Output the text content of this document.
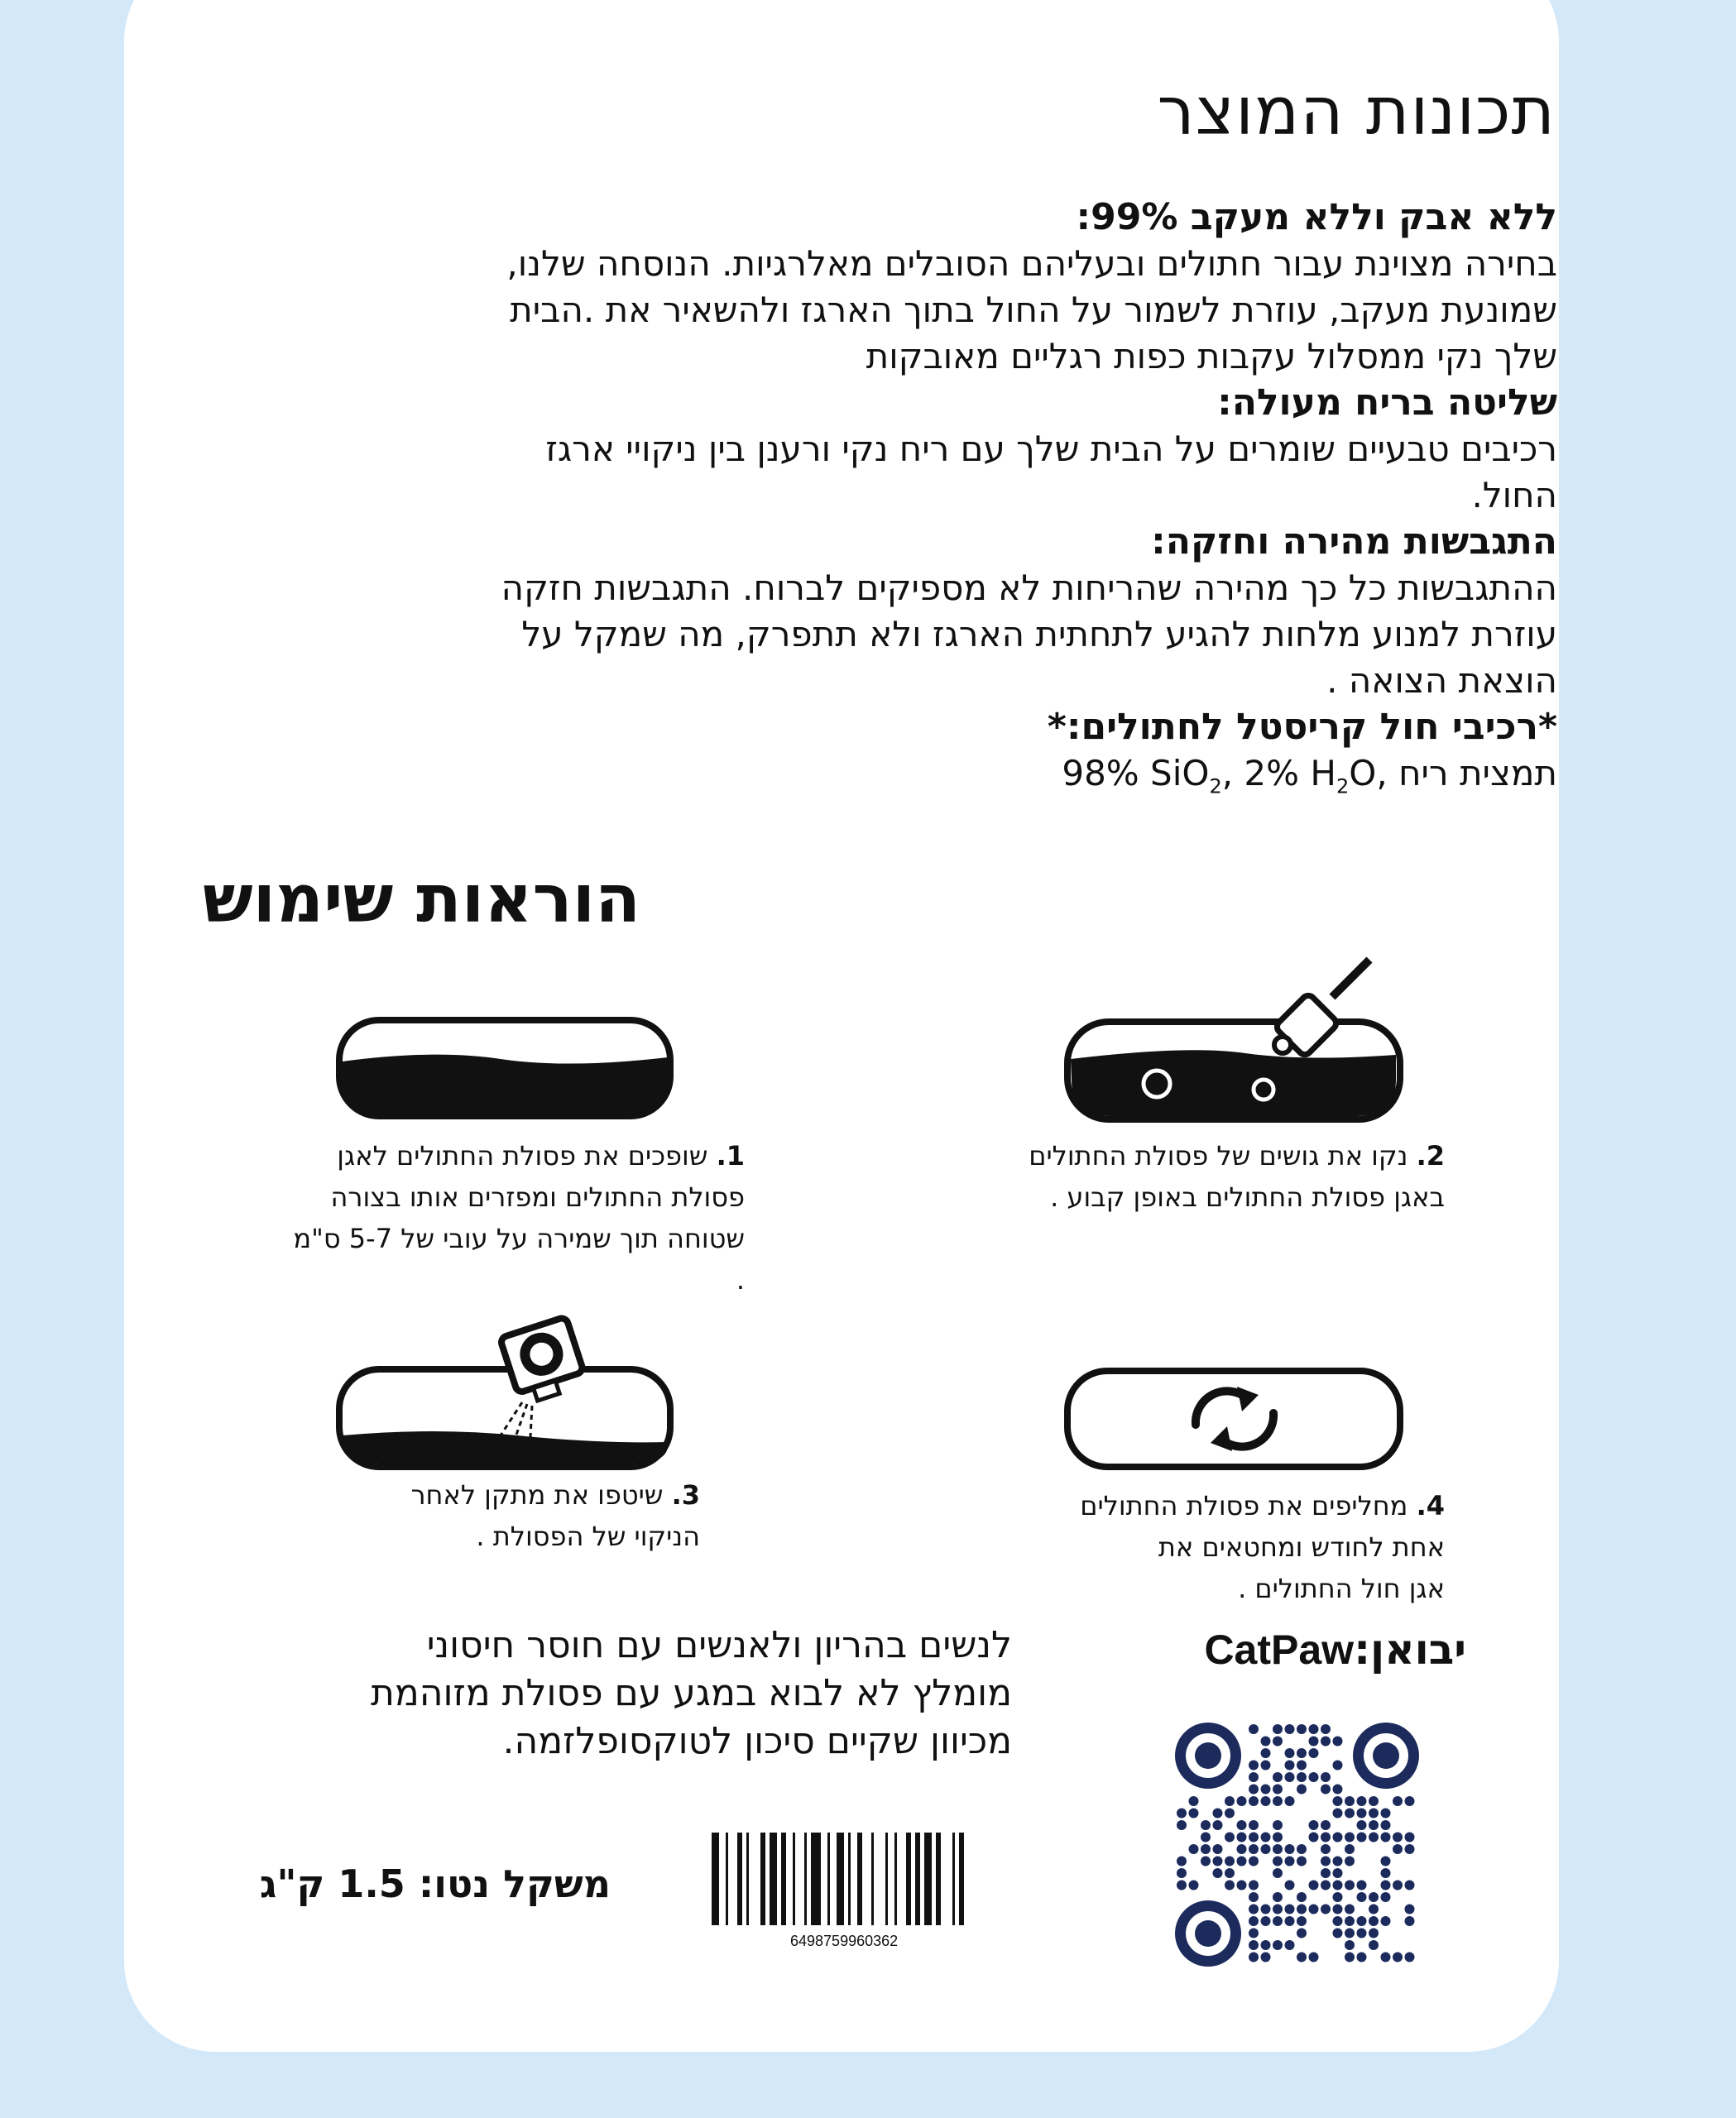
תכונות המוצר

ללא אבק וללא מעקב 99%:

בחירה מצוינת עבור חתולים ובעליהם הסובלים מאלרגיות. הנוסחה שלנו,

שמונעת מעקב, עוזרת לשמור על החול בתוך הארגז ולהשאיר את .הבית

שלך נקי ממסלול עקבות כפות רגליים מאובקות

שליטה בריח מעולה:

רכיבים טבעיים שומרים על הבית שלך עם ריח נקי ורענן בין ניקויי ארגז

החול.

התגבשות מהירה וחזקה:

ההתגבשות כל כך מהירה שהריחות לא מספיקים לברוח. התגבשות חזקה

עוזרת למנוע מלחות להגיע לתחתית הארגז ולא תתפרק, מה שמקל על

הוצאת הצואה .

*רכיבי חול קריסטל לחתולים:*

תמצית ריח 98% SiO$_2$, 2% $H_2O$,

הוראות שימוש
2. נקו את גושים של פסולת החתולים
באגן פסולת החתולים באופן קבוע .
1. שופכים את פסולת החתולים לאגן
פסולת החתולים ומפזרים אותו בצורה
שטוחה תוך שמירה על עובי של 5-7 ס"מ .
4. מחליפים את פסולת החתולים
אחת לחודש ומחטאים את
אגן חול החתולים .
3. שיטפו את מתקן לאחר
הניקוי של הפסולת .
יבואן:CatPaw
לנשים בהריון ולאנשים עם חוסר חיסוני
מומלץ לא לבוא במגע עם פסולת מזוהמת
מכיוון שקיים סיכון לטוקסופלזמה.
6498759960362
משקל נטו: 1.5 ק"ג
